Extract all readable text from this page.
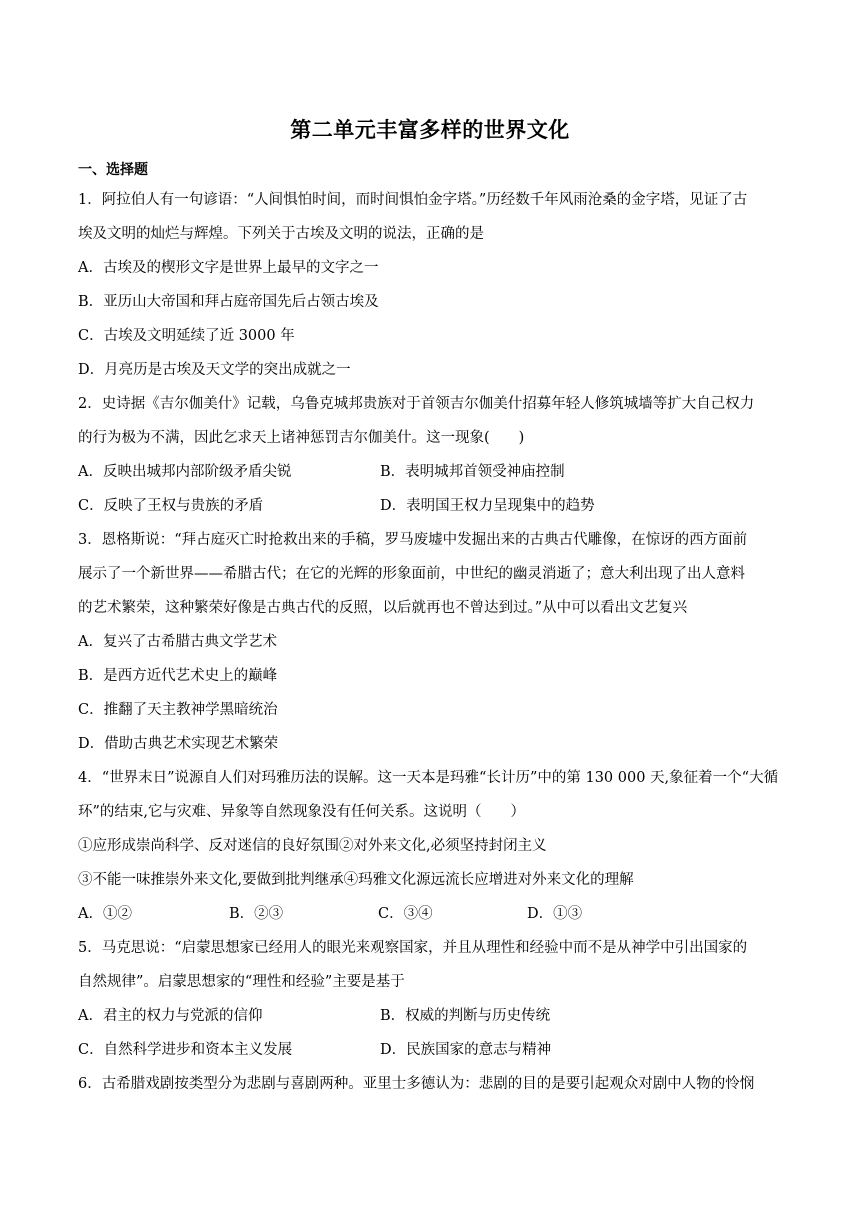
第二单元丰富多样的世界文化
一、选择题
1．阿拉伯人有一句谚语：“人间惧怕时间，而时间惧怕金字塔。”历经数千年风雨沧桑的金字塔，见证了古
埃及文明的灿烂与辉煌。下列关于古埃及文明的说法，正确的是
A．古埃及的楔形文字是世界上最早的文字之一
B．亚历山大帝国和拜占庭帝国先后占领古埃及
C．古埃及文明延续了近 3000 年
D．月亮历是古埃及天文学的突出成就之一
2．史诗据《吉尔伽美什》记载，乌鲁克城邦贵族对于首领吉尔伽美什招募年轻人修筑城墙等扩大自己权力
的行为极为不满，因此乞求天上诸神惩罚吉尔伽美什。这一现象(　　)
A．反映出城邦内部阶级矛盾尖锐	B．表明城邦首领受神庙控制
C．反映了王权与贵族的矛盾	D．表明国王权力呈现集中的趋势
3．恩格斯说：“拜占庭灭亡时抢救出来的手稿，罗马废墟中发掘出来的古典古代雕像，在惊讶的西方面前
展示了一个新世界——希腊古代；在它的光辉的形象面前，中世纪的幽灵消逝了；意大利出现了出人意料
的艺术繁荣，这种繁荣好像是古典古代的反照，以后就再也不曾达到过。”从中可以看出文艺复兴
A．复兴了古希腊古典文学艺术
B．是西方近代艺术史上的巅峰
C．推翻了天主教神学黑暗统治
D．借助古典艺术实现艺术繁荣
4．“世界末日”说源自人们对玛雅历法的误解。这一天本是玛雅“长计历”中的第 130 000 天,象征着一个“大循
环”的结束,它与灾难、异象等自然现象没有任何关系。这说明（　　）
①应形成崇尚科学、反对迷信的良好氛围②对外来文化,必须坚持封闭主义
③不能一味推崇外来文化,要做到批判继承④玛雅文化源远流长应增进对外来文化的理解
A．①②	B．②③	C．③④	D．①③
5．马克思说：“启蒙思想家已经用人的眼光来观察国家，并且从理性和经验中而不是从神学中引出国家的
自然规律”。启蒙思想家的“理性和经验”主要是基于
A．君主的权力与党派的信仰	B．权威的判断与历史传统
C．自然科学进步和资本主义发展	D．民族国家的意志与精神
6．古希腊戏剧按类型分为悲剧与喜剧两种。亚里士多德认为：悲剧的目的是要引起观众对剧中人物的怜悯
